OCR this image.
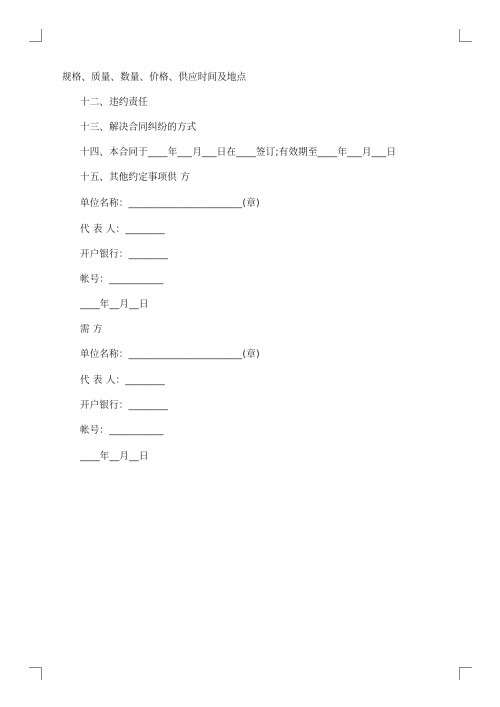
规格、质量、数量、价格、供应时间及地点
十二、违约责任
十三、解决合同纠纷的方式
十四、本合同于____年___月___日在____签订;有效期至____年___月___日
十五、其他约定事项供 方
单位名称：_______________________(章)
代 表 人：________
开户银行：________
帐号：___________
____年__月__日
需 方
单位名称：_______________________(章)
代 表 人：________
开户银行：________
帐号：___________
____年__月__日
